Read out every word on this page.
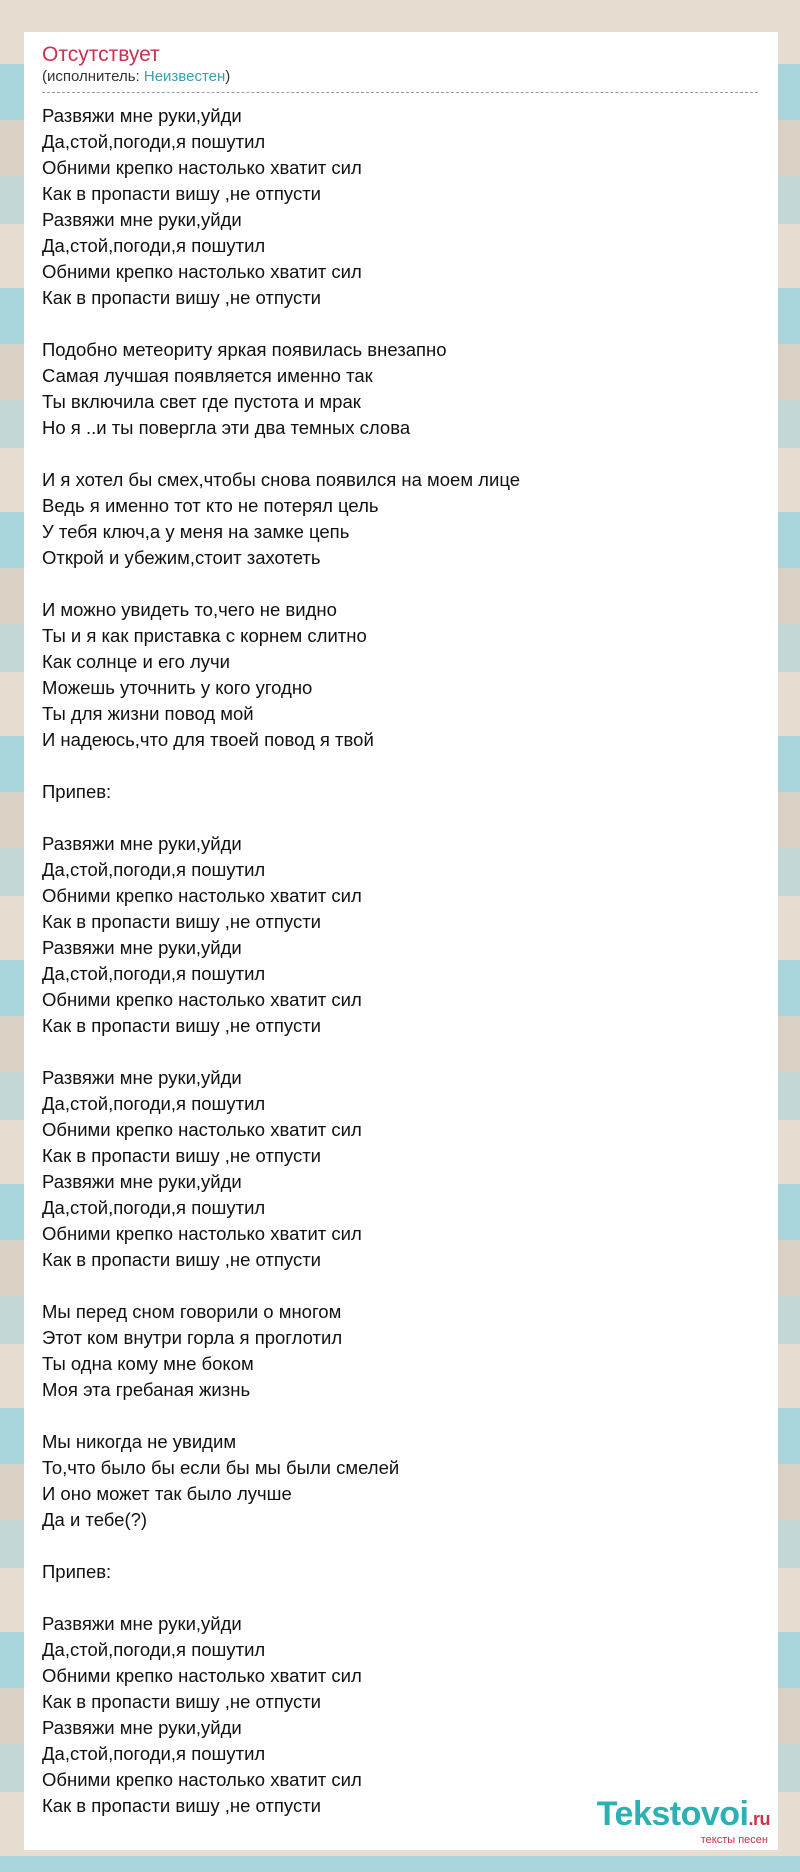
Отсутствует
(исполнитель: Неизвестен)
Развяжи мне руки,уйди
Да,стой,погоди,я пошутил
Обними крепко настолько хватит сил
Как в пропасти вишу ,не отпусти
Развяжи мне руки,уйди
Да,стой,погоди,я пошутил
Обними крепко настолько хватит сил
Как в пропасти вишу ,не отпусти
Подобно метеориту яркая появилась внезапно
Самая лучшая появляется именно так
Ты включила свет где пустота и мрак
Но я ..и ты повергла эти два темных слова
И я хотел бы смех,чтобы снова появился на моем лице
Ведь я именно тот кто не потерял цель
У тебя ключ,а у меня на замке цепь
Открой и убежим,стоит захотеть
И можно увидеть то,чего не видно
Ты и я как приставка с корнем слитно
Как солнце и его лучи
Можешь уточнить у кого угодно
Ты для жизни повод мой
И надеюсь,что для твоей повод я твой
Припев:
Развяжи мне руки,уйди
Да,стой,погоди,я пошутил
Обними крепко настолько хватит сил
Как в пропасти вишу ,не отпусти
Развяжи мне руки,уйди
Да,стой,погоди,я пошутил
Обними крепко настолько хватит сил
Как в пропасти вишу ,не отпусти
Развяжи мне руки,уйди
Да,стой,погоди,я пошутил
Обними крепко настолько хватит сил
Как в пропасти вишу ,не отпусти
Развяжи мне руки,уйди
Да,стой,погоди,я пошутил
Обними крепко настолько хватит сил
Как в пропасти вишу ,не отпусти
Мы перед сном говорили о многом
Этот ком внутри горла я проглотил
Ты одна кому мне боком
Моя эта гребаная жизнь
Мы никогда не увидим
То,что было бы если бы мы были смелей
И оно может так было лучше
Да и тебе(?)
Припев:
Развяжи мне руки,уйди
Да,стой,погоди,я пошутил
Обними крепко настолько хватит сил
Как в пропасти вишу ,не отпусти
Развяжи мне руки,уйди
Да,стой,погоди,я пошутил
Обними крепко настолько хватит сил
Как в пропасти вишу ,не отпусти	Tekstovoi.ru
тексты песен
